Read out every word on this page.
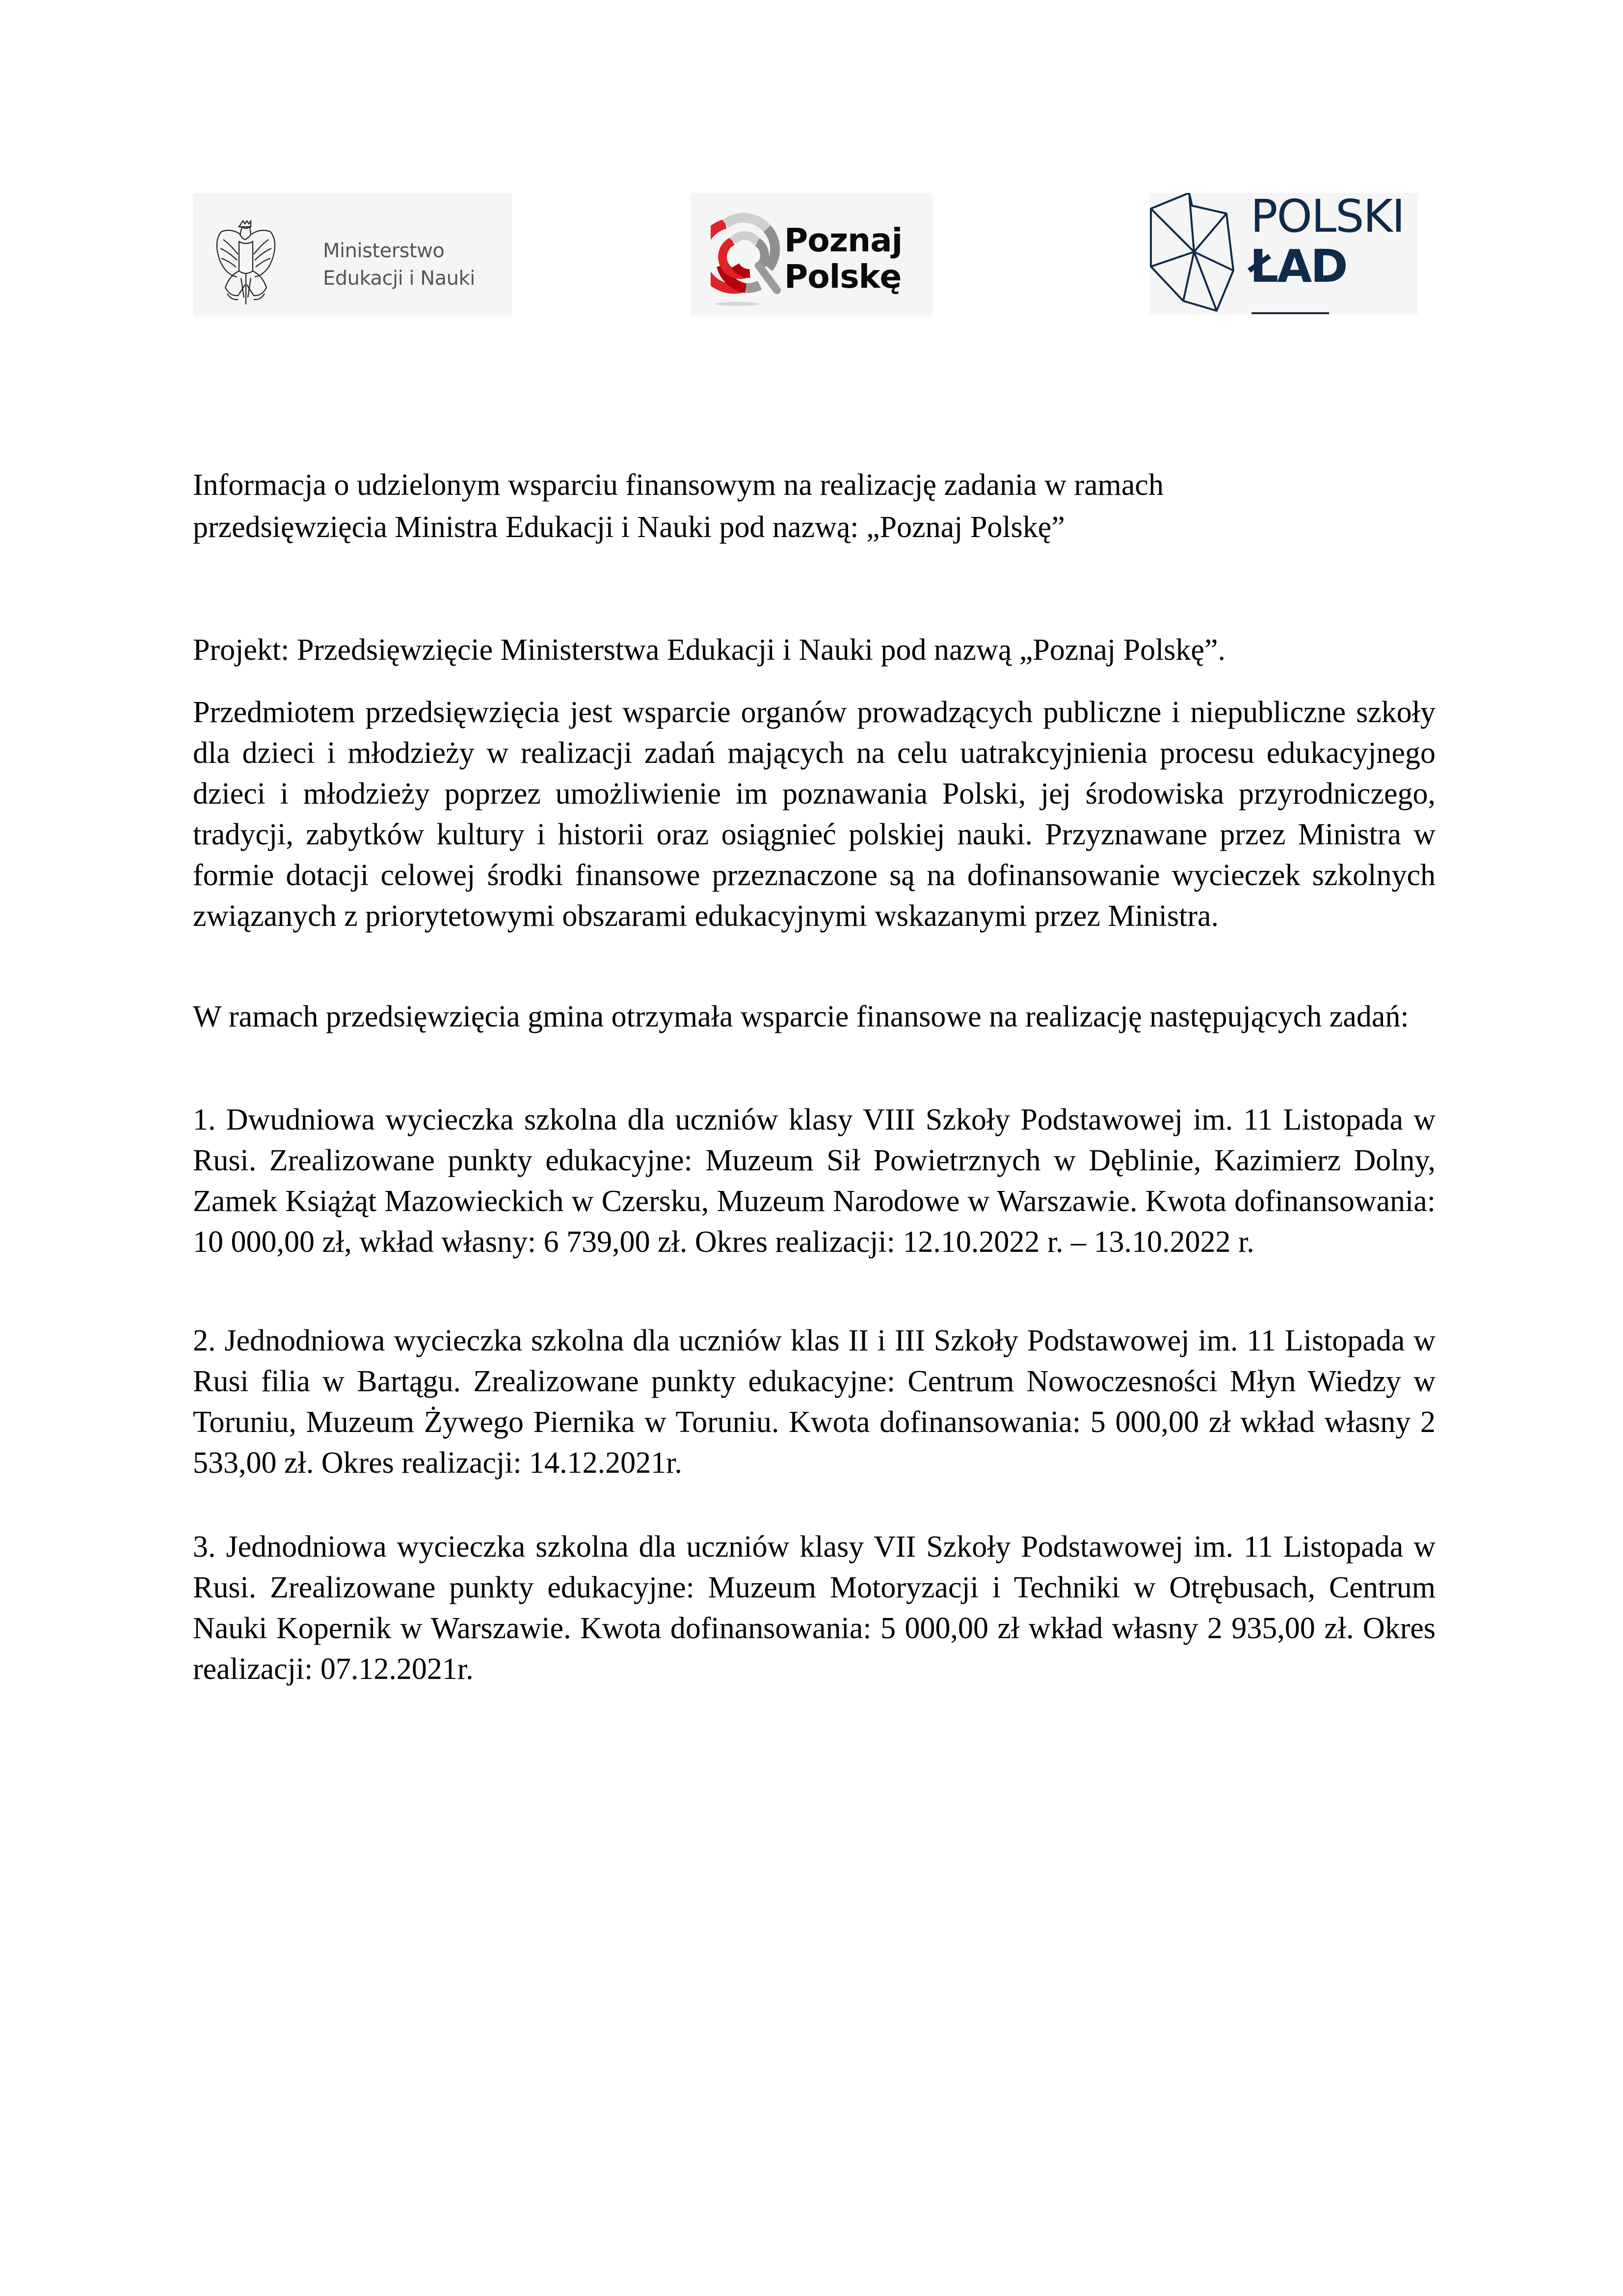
Ministerstwo
Edukacji i Nauki
Poznaj
Polskę
POLSKI
ŁAD

Informacja o udzielonym wsparciu finansowym na realizację zadania w ramach

przedsięwzięcia Ministra Edukacji i Nauki pod nazwą: „Poznaj Polskę”

Projekt: Przedsięwzięcie Ministerstwa Edukacji i Nauki pod nazwą „Poznaj Polskę”.

Przedmiotem przedsięwzięcia jest wsparcie organów prowadzących publiczne i niepubliczne szkoły dla dzieci i młodzieży w realizacji zadań mających na celu uatrakcyjnienia procesu edukacyjnego dzieci i młodzieży poprzez umożliwienie im poznawania Polski, jej środowiska przyrodniczego, tradycji, zabytków kultury i historii oraz osiągnieć polskiej nauki. Przyznawane przez Ministra w formie dotacji celowej środki finansowe przeznaczone są na dofinansowanie wycieczek szkolnych związanych z priorytetowymi obszarami edukacyjnymi wskazanymi przez Ministra.

W ramach przedsięwzięcia gmina otrzymała wsparcie finansowe na realizację następujących zadań:

1. Dwudniowa wycieczka szkolna dla uczniów klasy VIII Szkoły Podstawowej im. 11 Listopada w Rusi. Zrealizowane punkty edukacyjne: Muzeum Sił Powietrznych w Dęblinie, Kazimierz Dolny, Zamek Książąt Mazowieckich w Czersku, Muzeum Narodowe w Warszawie. Kwota dofinansowania: 10 000,00 zł, wkład własny: 6 739,00 zł. Okres realizacji: 12.10.2022 r. – 13.10.2022 r.

2. Jednodniowa wycieczka szkolna dla uczniów klas II i III Szkoły Podstawowej im. 11 Listopada w Rusi filia w Bartągu. Zrealizowane punkty edukacyjne: Centrum Nowoczesności Młyn Wiedzy w Toruniu, Muzeum Żywego Piernika w Toruniu. Kwota dofinansowania: 5 000,00 zł wkład własny 2 533,00 zł. Okres realizacji: 14.12.2021r.

3. Jednodniowa wycieczka szkolna dla uczniów klasy VII Szkoły Podstawowej im. 11 Listopada w Rusi. Zrealizowane punkty edukacyjne: Muzeum Motoryzacji i Techniki w Otrębusach, Centrum Nauki Kopernik w Warszawie. Kwota dofinansowania: 5 000,00 zł wkład własny 2 935,00 zł. Okres realizacji: 07.12.2021r.
